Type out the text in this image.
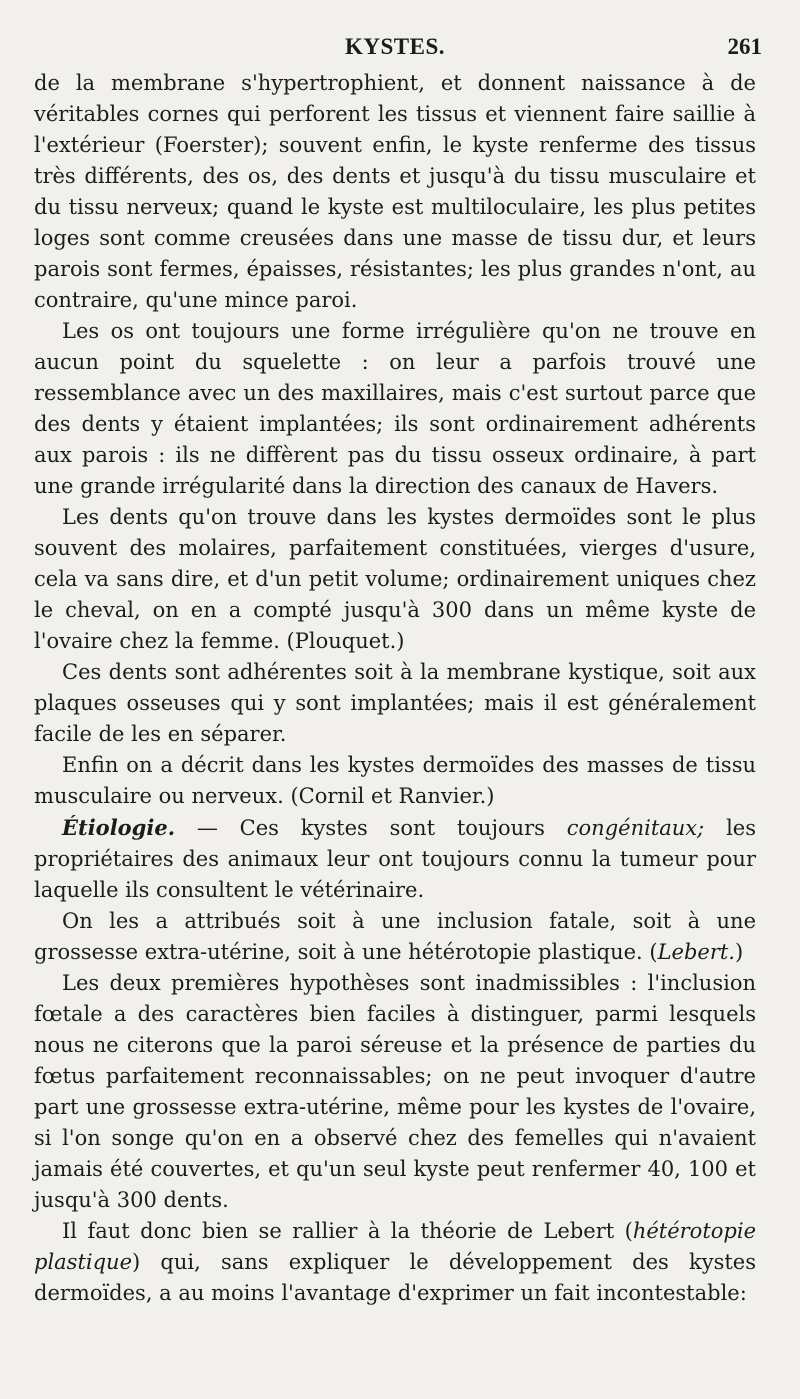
KYSTES.	261

de la membrane s'hypertrophient, et donnent naissance à de véritables cornes qui perforent les tissus et viennent faire saillie à l'extérieur (Foerster); souvent enfin, le kyste renferme des tissus très différents, des os, des dents et jusqu'à du tissu musculaire et du tissu nerveux; quand le kyste est multiloculaire, les plus petites loges sont comme creusées dans une masse de tissu dur, et leurs parois sont fermes, épaisses, résistantes; les plus grandes n'ont, au contraire, qu'une mince paroi.

Les os ont toujours une forme irrégulière qu'on ne trouve en aucun point du squelette : on leur a parfois trouvé une ressemblance avec un des maxillaires, mais c'est surtout parce que des dents y étaient implantées; ils sont ordinairement adhérents aux parois : ils ne diffèrent pas du tissu osseux ordinaire, à part une grande irrégularité dans la direction des canaux de Havers.

Les dents qu'on trouve dans les kystes dermoïdes sont le plus souvent des molaires, parfaitement constituées, vierges d'usure, cela va sans dire, et d'un petit volume; ordinairement uniques chez le cheval, on en a compté jusqu'à 300 dans un même kyste de l'ovaire chez la femme. (Plouquet.)

Ces dents sont adhérentes soit à la membrane kystique, soit aux plaques osseuses qui y sont implantées; mais il est généralement facile de les en séparer.

Enfin on a décrit dans les kystes dermoïdes des masses de tissu musculaire ou nerveux. (Cornil et Ranvier.)

Étiologie. — Ces kystes sont toujours congénitaux; les propriétaires des animaux leur ont toujours connu la tumeur pour laquelle ils consultent le vétérinaire.

On les a attribués soit à une inclusion fatale, soit à une grossesse extra-utérine, soit à une hétérotopie plastique. (Lebert.)

Les deux premières hypothèses sont inadmissibles : l'inclusion fœtale a des caractères bien faciles à distinguer, parmi lesquels nous ne citerons que la paroi séreuse et la présence de parties du fœtus parfaitement reconnaissables; on ne peut invoquer d'autre part une grossesse extra-utérine, même pour les kystes de l'ovaire, si l'on songe qu'on en a observé chez des femelles qui n'avaient jamais été couvertes, et qu'un seul kyste peut renfermer 40, 100 et jusqu'à 300 dents.

Il faut donc bien se rallier à la théorie de Lebert (hétérotopie plastique) qui, sans expliquer le développement des kystes dermoïdes, a au moins l'avantage d'exprimer un fait incontestable:
